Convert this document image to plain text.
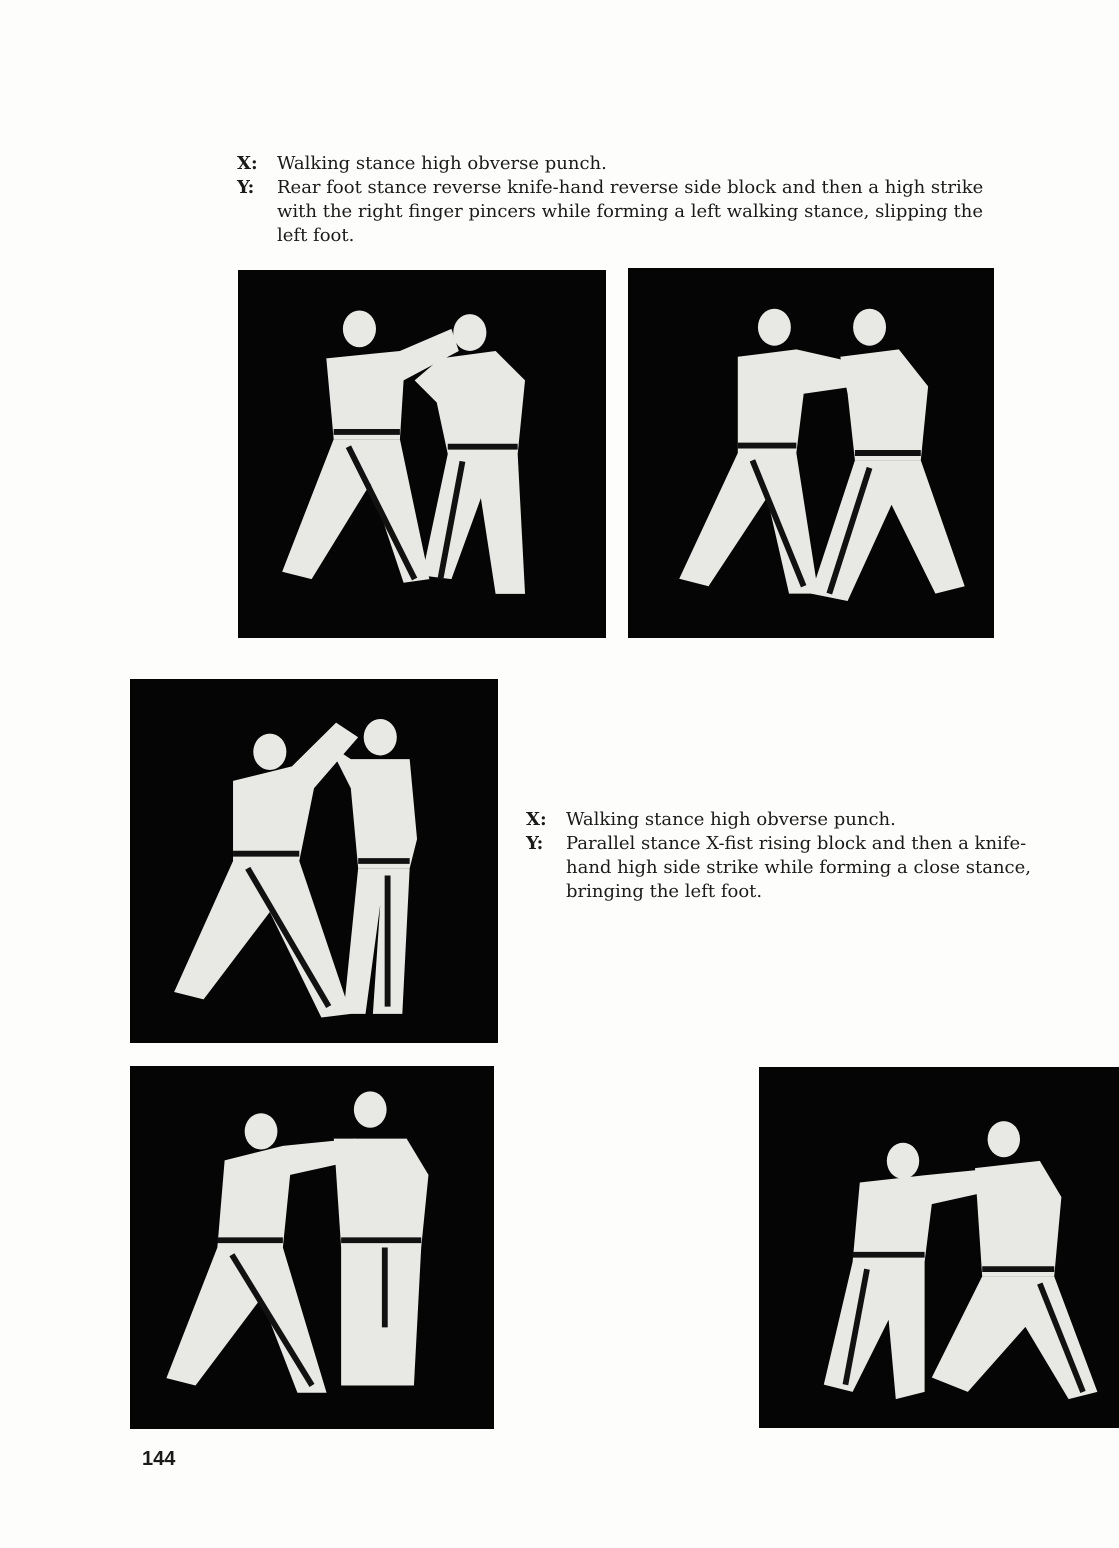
X:	Walking stance high obverse punch.
Y:	Rear foot stance reverse knife-hand reverse side block and then a high strike with the right finger pincers while forming a left walking stance, slipping the left foot.
X:	Walking stance high obverse punch.
Y:	Parallel stance X-fist rising block and then a knife-hand high side strike while forming a close stance, bringing the left foot.
144
